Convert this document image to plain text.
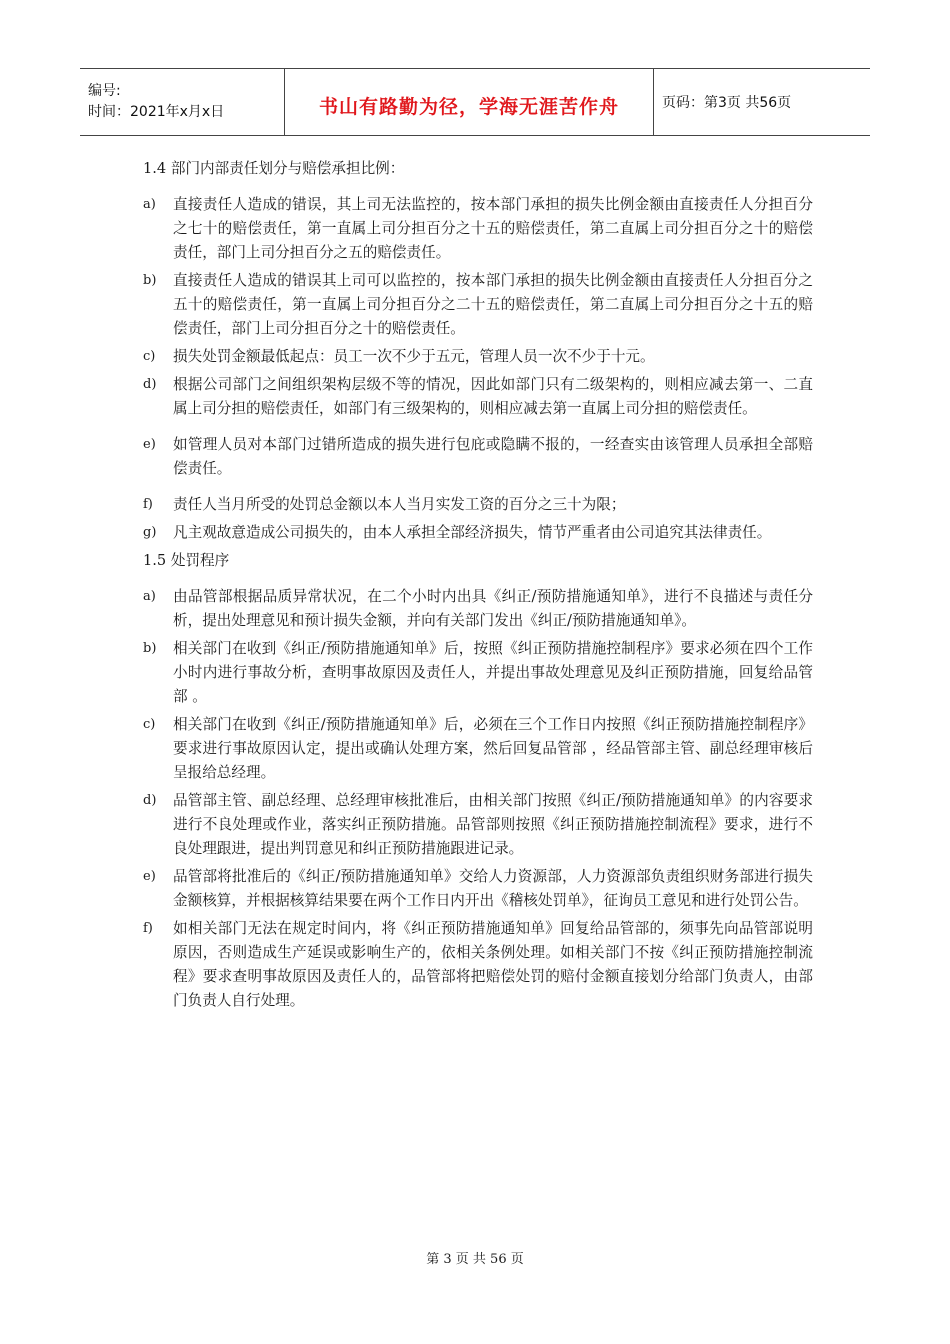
编号:
时间：2021年x月x日	书山有路勤为径，学海无涯苦作舟	页码：第3页 共56页
1.4 部门内部责任划分与赔偿承担比例：
a)	直接责任人造成的错误，其上司无法监控的，按本部门承担的损失比例金额由直接责任人分担百分之七十的赔偿责任，第一直属上司分担百分之十五的赔偿责任，第二直属上司分担百分之十的赔偿责任，部门上司分担百分之五的赔偿责任。
b)	直接责任人造成的错误其上司可以监控的，按本部门承担的损失比例金额由直接责任人分担百分之五十的赔偿责任，第一直属上司分担百分之二十五的赔偿责任，第二直属上司分担百分之十五的赔偿责任，部门上司分担百分之十的赔偿责任。
c)	损失处罚金额最低起点：员工一次不少于五元，管理人员一次不少于十元。
d)	根据公司部门之间组织架构层级不等的情况，因此如部门只有二级架构的，则相应减去第一、二直属上司分担的赔偿责任，如部门有三级架构的，则相应减去第一直属上司分担的赔偿责任。
e)	如管理人员对本部门过错所造成的损失进行包庇或隐瞒不报的，一经查实由该管理人员承担全部赔偿责任。
f)	责任人当月所受的处罚总金额以本人当月实发工资的百分之三十为限；
g)	凡主观故意造成公司损失的，由本人承担全部经济损失，情节严重者由公司追究其法律责任。
1.5 处罚程序
a)	由品管部根据品质异常状况，在二个小时内出具《纠正/预防措施通知单》，进行不良描述与责任分析，提出处理意见和预计损失金额，并向有关部门发出《纠正/预防措施通知单》。
b)	相关部门在收到《纠正/预防措施通知单》后，按照《纠正预防措施控制程序》要求必须在四个工作小时内进行事故分析，查明事故原因及责任人，并提出事故处理意见及纠正预防措施，回复给品管部 。
c)	相关部门在收到《纠正/预防措施通知单》后，必须在三个工作日内按照《纠正预防措施控制程序》要求进行事故原因认定，提出或确认处理方案，然后回复品管部 ，经品管部主管、副总经理审核后呈报给总经理。
d)	品管部主管、副总经理、总经理审核批准后，由相关部门按照《纠正/预防措施通知单》的内容要求进行不良处理或作业，落实纠正预防措施。品管部则按照《纠正预防措施控制流程》要求，进行不良处理跟进，提出判罚意见和纠正预防措施跟进记录。
e)	品管部将批准后的《纠正/预防措施通知单》交给人力资源部，人力资源部负责组织财务部进行损失金额核算，并根据核算结果要在两个工作日内开出《稽核处罚单》，征询员工意见和进行处罚公告。
f)	如相关部门无法在规定时间内，将《纠正预防措施通知单》回复给品管部的，须事先向品管部说明原因，否则造成生产延误或影响生产的，依相关条例处理。如相关部门不按《纠正预防措施控制流程》要求查明事故原因及责任人的，品管部将把赔偿处罚的赔付金额直接划分给部门负责人，由部门负责人自行处理。
第 3 页 共 56 页
